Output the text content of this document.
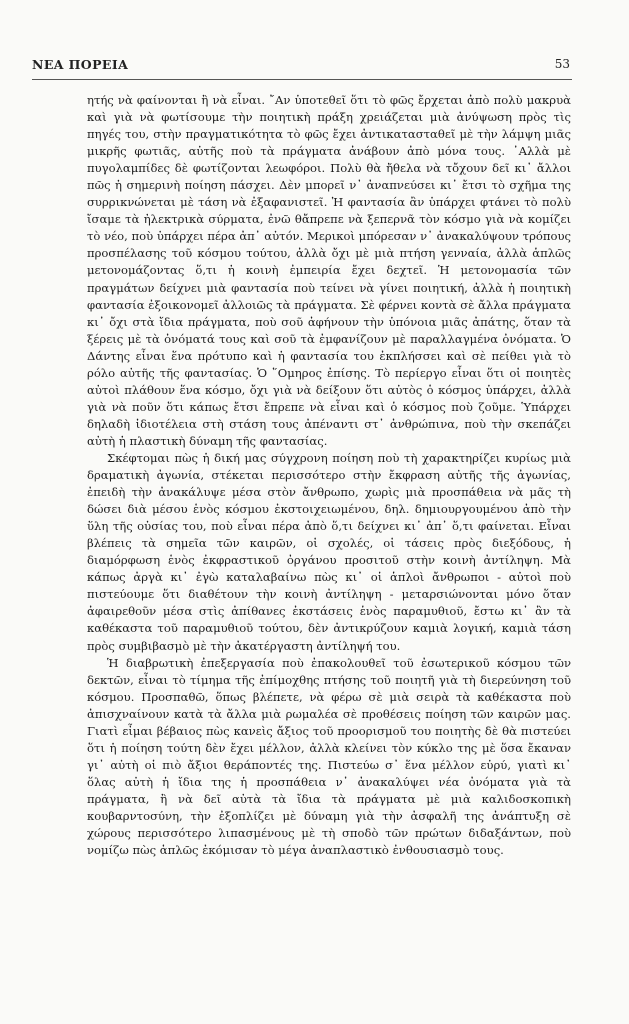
ΝΕΑ ΠΟΡΕΙΑ	53

ητής νὰ φαίνονται ἢ νὰ εἶναι. ῎Αν ὑποτεθεῖ ὅτι τὸ φῶς ἔρχεται ἀπὸ πολὺ μακρυὰ καὶ γιὰ νὰ φωτίσουμε τὴν ποιητικὴ πράξη χρειάζεται μιὰ ἀνύψωση πρὸς τὶς πηγές του, στὴν πραγματικότητα τὸ φῶς ἔχει ἀντικατασταθεῖ μὲ τὴν λάμψη μιᾶς μικρῆς φωτιᾶς, αὐτῆς ποὺ τὰ πράγματα ἀνάβουν ἀπὸ μόνα τους. ᾽Αλλὰ μὲ πυγολαμπίδες δὲ φωτίζονται λεωφόροι. Πολὺ θὰ ἤθελα νὰ τὄχουν δεῖ κι᾽ ἄλλοι πῶς ἡ σημερινὴ ποίηση πάσχει. Δὲν μπορεῖ ν᾽ ἀναπνεύσει κι᾽ ἔτσι τὸ σχῆμα της συρρικνώνεται μὲ τάση νὰ ἐξαφανιστεῖ. Ἡ φαντασία ἂν ὑπάρχει φτάνει τὸ πολὺ ἴσαμε τὰ ἠλεκτρικὰ σύρματα, ἐνῶ θἄπρεπε νὰ ξεπερνᾶ τὸν κόσμο γιὰ νὰ κομίζει τὸ νέο, ποὺ ὑπάρχει πέρα ἀπ᾽ αὐτόν. Μερικοὶ μπόρεσαν ν᾽ ἀνακαλύψουν τρόπους προσπέλασης τοῦ κόσμου τούτου, ἀλλὰ ὄχι μὲ μιὰ πτήση γενναία, ἀλλὰ ἁπλῶς μετονομάζοντας ὅ,τι ἡ κοινὴ ἐμπειρία ἔχει δεχτεῖ. Ἡ μετονομασία τῶν πραγμάτων δείχνει μιὰ φαντασία ποὺ τείνει νὰ γίνει ποιητική, ἀλλὰ ἡ ποιητικὴ φαντασία ἐξοικονομεῖ ἀλλοιῶς τὰ πράγματα. Σὲ φέρνει κοντὰ σὲ ἄλλα πράγματα κι᾽ ὄχι στὰ ἴδια πράγματα, ποὺ σοῦ ἀφήνουν τὴν ὑπόνοια μιᾶς ἀπάτης, ὅταν τὰ ξέρεις μὲ τὰ ὀνόματά τους καὶ σοῦ τὰ ἐμφανίζουν μὲ παραλλαγμένα ὀνόματα. Ὁ Δάντης εἶναι ἕνα πρότυπο καὶ ἡ φαντασία του ἐκπλήσσει καὶ σὲ πείθει γιὰ τὸ ρόλο αὐτῆς τῆς φαντασίας. Ὁ ῞Ομηρος ἐπίσης. Τὸ περίεργο εἶναι ὅτι οἱ ποιητὲς αὐτοὶ πλάθουν ἕνα κόσμο, ὄχι γιὰ νὰ δείξουν ὅτι αὐτὸς ὁ κόσμος ὑπάρχει, ἀλλὰ γιὰ νὰ ποῦν ὅτι κάπως ἔτσι ἔπρεπε νὰ εἶναι καὶ ὁ κόσμος ποὺ ζοῦμε. Ὑπάρχει δηλαδὴ ἰδιοτέλεια στὴ στάση τους ἀπέναντι στ᾽ ἀνθρώπινα, ποὺ τὴν σκεπάζει αὐτὴ ἡ πλαστικὴ δύναμη τῆς φαντασίας.

Σκέφτομαι πὼς ἡ δική μας σύγχρονη ποίηση ποὺ τὴ χαρακτηρίζει κυρίως μιὰ δραματικὴ ἀγωνία, στέκεται περισσότερο στὴν ἔκφραση αὐτῆς τῆς ἀγωνίας, ἐπειδὴ τὴν ἀνακάλυψε μέσα στὸν ἄνθρωπο, χωρὶς μιὰ προσπάθεια νὰ μᾶς τὴ δώσει διὰ μέσου ἑνὸς κόσμου ἐκστοιχειωμένου, δηλ. δημιουργουμένου ἀπὸ τὴν ὕλη τῆς οὐσίας του, ποὺ εἶναι πέρα ἀπὸ ὅ,τι δείχνει κι᾽ ἀπ᾽ ὅ,τι φαίνεται. Εἶναι βλέπεις τὰ σημεῖα τῶν καιρῶν, οἱ σχολές, οἱ τάσεις πρὸς διεξόδους, ἡ διαμόρφωση ἑνὸς ἐκφραστικοῦ ὀργάνου προσιτοῦ στὴν κοινὴ ἀντίληψη. Μὰ κάπως ἀργὰ κι᾽ ἐγὼ καταλαβαίνω πὼς κι᾽ οἱ ἁπλοὶ ἄνθρωποι - αὐτοὶ ποὺ πιστεύουμε ὅτι διαθέτουν τὴν κοινὴ ἀντίληψη - μεταρσιώνονται μόνο ὅταν ἀφαιρεθοῦν μέσα στὶς ἀπίθανες ἐκστάσεις ἑνὸς παραμυθιοῦ, ἔστω κι᾽ ἂν τὰ καθέκαστα τοῦ παραμυθιοῦ τούτου, δὲν ἀντικρύζουν καμιὰ λογική, καμιὰ τάση πρὸς συμβιβασμὸ μὲ τὴν ἀκατέργαστη ἀντίληψή του.

Ἡ διαβρωτικὴ ἐπεξεργασία ποὺ ἐπακολουθεῖ τοῦ ἐσωτερικοῦ κόσμου τῶν δεκτῶν, εἶναι τὸ τίμημα τῆς ἐπίμοχθης πτήσης τοῦ ποιητῆ γιὰ τὴ διερεύνηση τοῦ κόσμου. Προσπαθῶ, ὅπως βλέπετε, νὰ φέρω σὲ μιὰ σειρὰ τὰ καθέκαστα ποὺ ἀπισχναίνουν κατὰ τὰ ἄλλα μιὰ ρωμαλέα σὲ προθέσεις ποίηση τῶν καιρῶν μας. Γιατὶ εἶμαι βέβαιος πὼς κανεὶς ἄξιος τοῦ προορισμοῦ του ποιητὴς δὲ θὰ πιστεύει ὅτι ἡ ποίηση τούτη δὲν ἔχει μέλλον, ἀλλὰ κλείνει τὸν κύκλο της μὲ ὅσα ἔκαναν γι᾽ αὐτὴ οἱ πιὸ ἄξιοι θεράποντές της. Πιστεύω σ᾽ ἕνα μέλλον εὐρύ, γιατὶ κι᾽ ὅλας αὐτὴ ἡ ἴδια της ἡ προσπάθεια ν᾽ ἀνακαλύψει νέα ὀνόματα γιὰ τὰ πράγματα, ἢ νὰ δεῖ αὐτὰ τὰ ἴδια τὰ πράγματα μὲ μιὰ καλιδοσκοπικὴ κουβαρντοσύνη, τὴν ἐξοπλίζει μὲ δύναμη γιὰ τὴν ἀσφαλῆ της ἀνάπτυξη σὲ χώρους περισσότερο λιπασμένους μὲ τὴ σποδὸ τῶν πρώτων διδαξάντων, ποὺ νομίζω πὼς ἁπλῶς ἐκόμισαν τὸ μέγα ἀναπλαστικὸ ἐνθουσιασμὸ τους.
